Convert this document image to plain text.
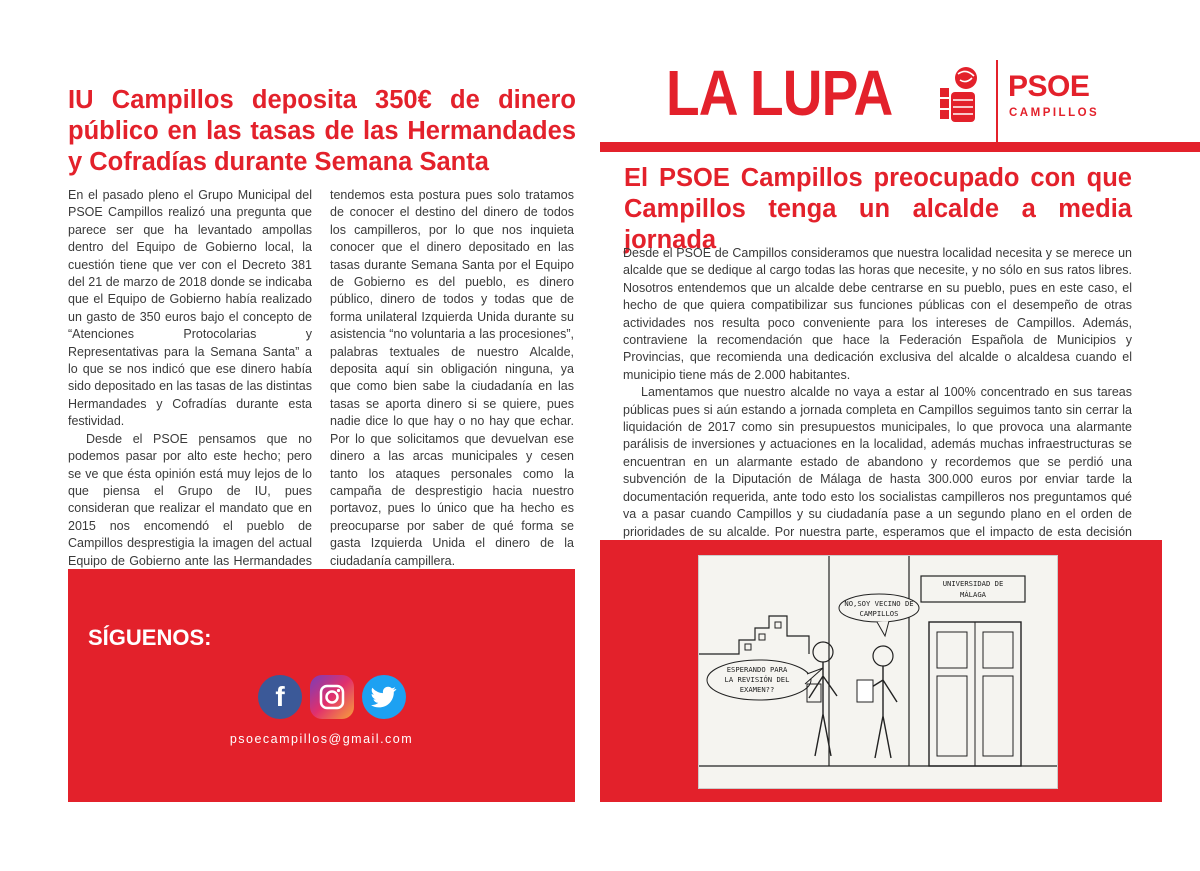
IU Campillos deposita 350€ de dinero público en las tasas de las Hermandades y Cofradías durante Semana Santa

En el pasado pleno el Grupo Municipal del PSOE Campillos realizó una pregunta que parece ser que ha levantado ampollas dentro del Equipo de Gobierno local, la cuestión tiene que ver con el Decreto 381 del 21 de marzo de 2018 donde se indicaba que el Equipo de Gobierno había realizado un gasto de 350 euros bajo el concepto de “Atenciones Protocolarias y Representativas para la Semana Santa” a lo que se nos indicó que ese dinero había sido depositado en las tasas de las distintas Hermandades y Cofradías durante esta festividad.

Desde el PSOE pensamos que no podemos pasar por alto este hecho; pero se ve que ésta opinión está muy lejos de lo que piensa el Grupo de IU, pues consideran que realizar el mandato que en 2015 nos encomendó el pueblo de Campillos desprestigia la imagen del actual Equipo de Gobierno ante las Hermandades

tendemos esta postura pues solo tratamos de conocer el destino del dinero de todos los campilleros, por lo que nos inquieta conocer que el dinero depositado en las tasas durante Semana Santa por el Equipo de Gobierno es del pueblo, es dinero público, dinero de todos y todas que de forma unilateral Izquierda Unida durante su asistencia “no voluntaria a las procesiones”, palabras textuales de nuestro Alcalde, deposita aquí sin obligación ninguna, ya que como bien sabe la ciudadanía en las tasas se aporta dinero si se quiere, pues nadie dice lo que hay o no hay que echar. Por lo que solicitamos que devuelvan ese dinero a las arcas municipales y cesen tanto los ataques personales como la campaña de desprestigio hacia nuestro portavoz, pues lo único que ha hecho es preocuparse por saber de qué forma se gasta Izquierda Unida el dinero de la ciudadanía campillera.

SÍGUENOS:

f

psoecampillos@gmail.com

LA LUPA	PSOE

CAMPILLOS

El PSOE Campillos preocupado con que Campillos tenga un alcalde a media jornada

Desde el PSOE de Campillos consideramos que nuestra localidad necesita y se merece un alcalde que se dedique al cargo todas las horas que necesite, y no sólo en sus ratos libres. Nosotros entendemos que un alcalde debe centrarse en su pueblo, pues en este caso, el hecho de que quiera compatibilizar sus funciones públicas con el desempeño de otras actividades nos resulta poco conveniente para los intereses de Campillos. Además, contraviene la recomendación que hace la Federación Española de Municipios y Provincias, que recomienda una dedicación exclusiva del alcalde o alcaldesa cuando el municipio tiene más de 2.000 habitantes.

Lamentamos que nuestro alcalde no vaya a estar al 100% concentrado en sus tareas públicas pues si aún estando a jornada completa en Campillos seguimos tanto sin cerrar la liquidación de 2017 como sin presupuestos municipales, lo que provoca una alarmante parálisis de inversiones y actuaciones en la localidad, además muchas infraestructuras se encuentran en un alarmante estado de abandono y recordemos que se perdió una subvención de la Diputación de Málaga de hasta 300.000 euros por enviar tarde la documentación requerida, ante todo esto los socialistas campilleros nos preguntamos qué va a pasar cuando Campillos y su ciudadanía pase a un segundo plano en el orden de prioridades de su alcalde. Por nuestra parte, esperamos que el impacto de esta decisión

UNIVERSIDAD DE
MÁLAGA
NO,SOY VECINO DE
CAMPILLOS
ESPERANDO PARA
LA REVISIÓN DEL
EXAMEN??
